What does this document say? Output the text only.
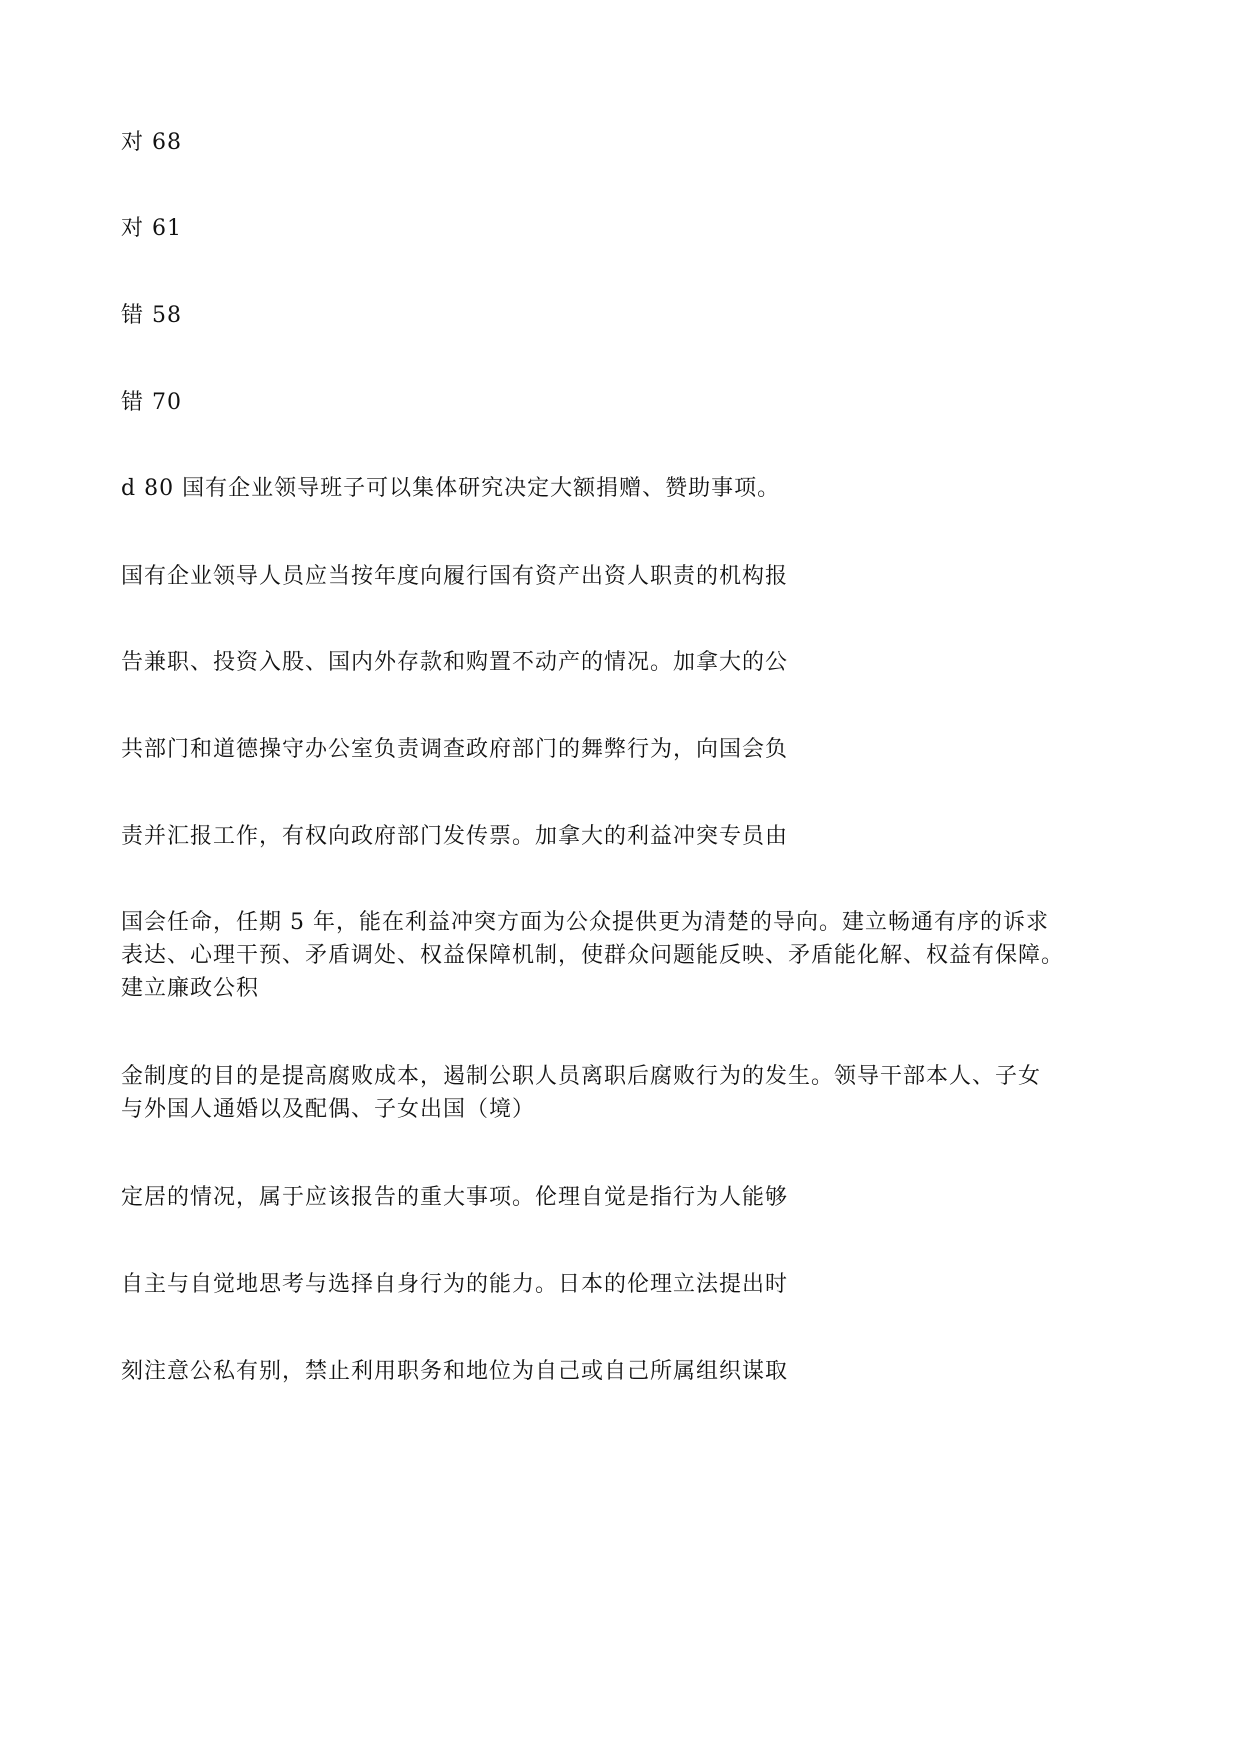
对 68
对 61
错 58
错 70
d 80 国有企业领导班子可以集体研究决定大额捐赠、赞助事项。
国有企业领导人员应当按年度向履行国有资产出资人职责的机构报
告兼职、投资入股、国内外存款和购置不动产的情况。加拿大的公
共部门和道德操守办公室负责调查政府部门的舞弊行为，向国会负
责并汇报工作，有权向政府部门发传票。加拿大的利益冲突专员由
国会任命，任期 5 年，能在利益冲突方面为公众提供更为清楚的导向。建立畅通有序的诉求
表达、心理干预、矛盾调处、权益保障机制，使群众问题能反映、矛盾能化解、权益有保障。
建立廉政公积
金制度的目的是提高腐败成本，遏制公职人员离职后腐败行为的发生。领导干部本人、子女
与外国人通婚以及配偶、子女出国（境）
定居的情况，属于应该报告的重大事项。伦理自觉是指行为人能够
自主与自觉地思考与选择自身行为的能力。日本的伦理立法提出时
刻注意公私有别，禁止利用职务和地位为自己或自己所属组织谋取
